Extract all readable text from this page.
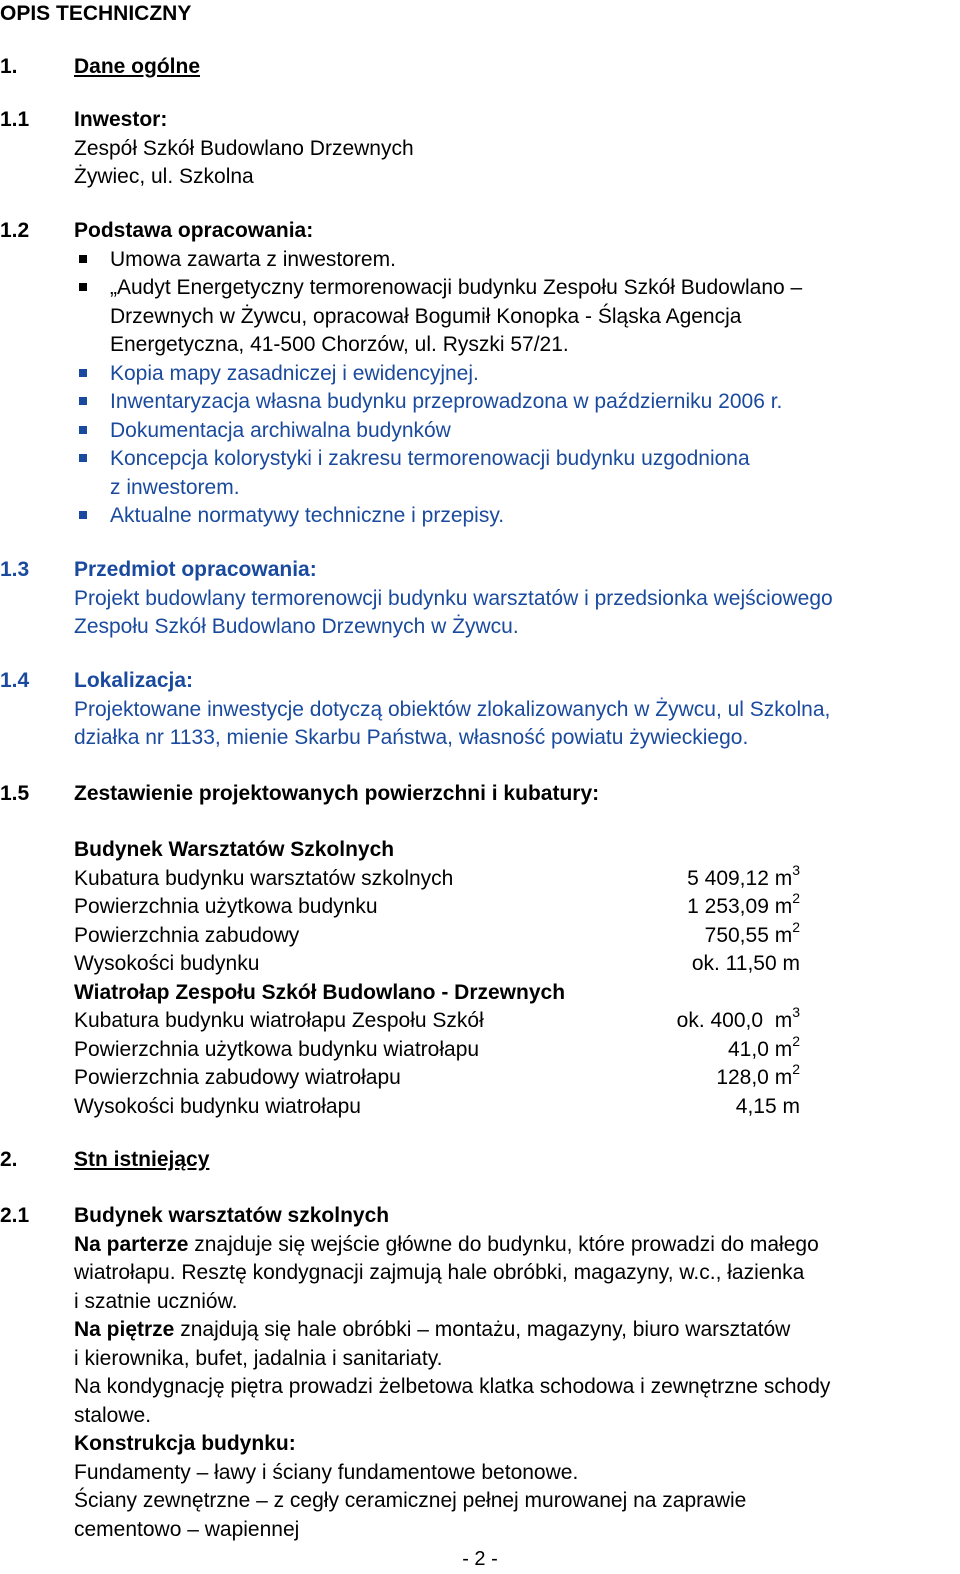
OPIS TECHNICZNY
1.	Dane ogólne
1.1 Inwestor:
Zespół Szkół Budowlano Drzewnych
Żywiec, ul. Szkolna
1.2 Podstawa opracowania:
Umowa zawarta z inwestorem.
„Audyt Energetyczny termorenowacji budynku Zespołu Szkół Budowlano –
Drzewnych w Żywcu, opracował Bogumił Konopka - Śląska Agencja
Energetyczna, 41-500 Chorzów, ul. Ryszki 57/21.
Kopia mapy zasadniczej i ewidencyjnej.
Inwentaryzacja własna budynku przeprowadzona w październiku 2006 r.
Dokumentacja archiwalna budynków
Koncepcja kolorystyki i zakresu termorenowacji budynku uzgodniona
z inwestorem.
Aktualne normatywy techniczne i przepisy.
1.3 Przedmiot opracowania:
Projekt budowlany termorenowcji budynku warsztatów i przedsionka wejściowego
Zespołu Szkół Budowlano Drzewnych w Żywcu.
1.4 Lokalizacja:
Projektowane inwestycje dotyczą obiektów zlokalizowanych w Żywcu, ul Szkolna,
działka nr 1133, mienie Skarbu Państwa, własność powiatu żywieckiego.
1.5 Zestawienie projektowanych powierzchni i kubatury:
Budynek Warsztatów Szkolnych
Kubatura budynku warsztatów szkolnych	5 409,12 $m^3$
Powierzchnia użytkowa budynku	1 253,09 $m^2$
Powierzchnia zabudowy	750,55 $m^2$
Wysokości budynku	ok. 11,50 m
Wiatrołap Zespołu Szkół Budowlano - Drzewnych
Kubatura budynku wiatrołapu Zespołu Szkół	ok. 400,0  $m^3$
Powierzchnia użytkowa budynku wiatrołapu	41,0 $m^2$
Powierzchnia zabudowy wiatrołapu	128,0 $m^2$
Wysokości budynku wiatrołapu	4,15 m
2.	Stn istniejący
2.1 Budynek warsztatów szkolnych
Na parterze znajduje się wejście główne do budynku, które prowadzi do małego
wiatrołapu. Resztę kondygnacji zajmują hale obróbki, magazyny, w.c., łazienka
i szatnie uczniów.
Na piętrze znajdują się hale obróbki – montażu, magazyny, biuro warsztatów
i kierownika, bufet, jadalnia i sanitariaty.
Na kondygnację piętra prowadzi żelbetowa klatka schodowa i zewnętrzne schody
stalowe.
Konstrukcja budynku:
Fundamenty – ławy i ściany fundamentowe betonowe.
Ściany zewnętrzne – z cegły ceramicznej pełnej murowanej na zaprawie
cementowo – wapiennej
- 2 -
